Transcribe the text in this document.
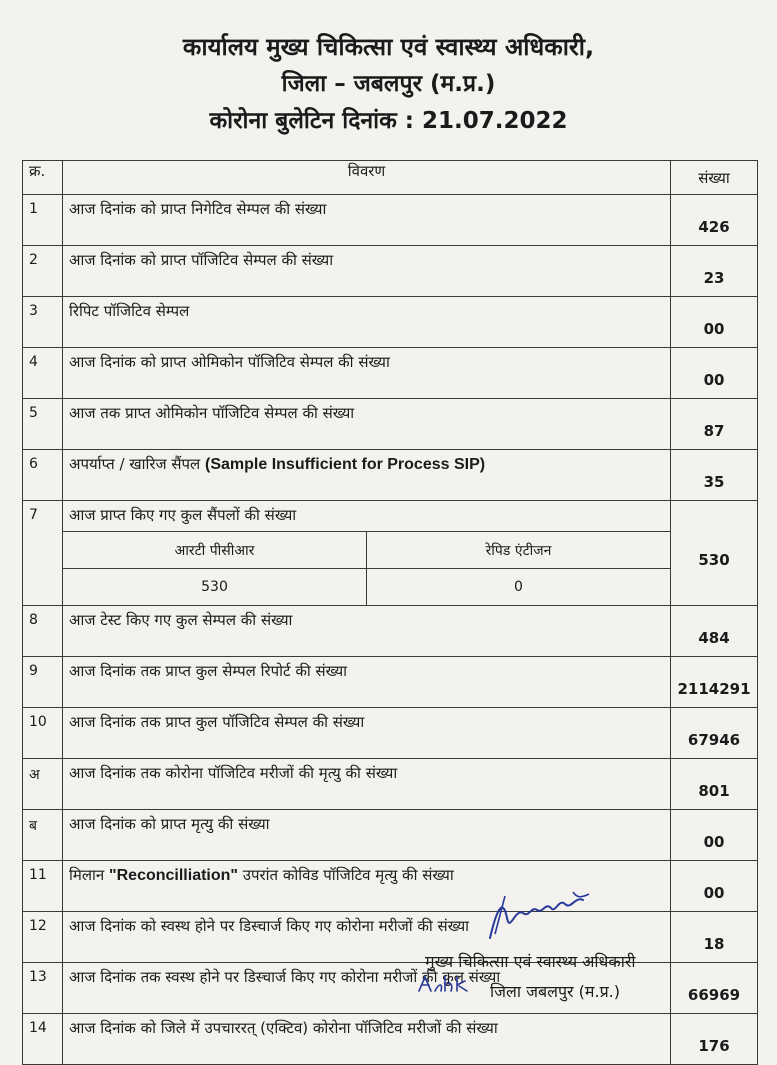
कार्यालय मुख्य चिकित्सा एवं स्वास्थ्य अधिकारी,
जिला – जबलपुर (म.प्र.)
कोरोना बुलेटिन दिनांक : 21.07.2022
क्र.	विवरण	संख्या
1	आज दिनांक को प्राप्त निगेटिव सेम्पल की संख्या	426
2	आज दिनांक को प्राप्त पॉजिटिव सेम्पल की संख्या	23
3	रिपिट पॉजिटिव सेम्पल	00
4	आज दिनांक को प्राप्त ओमिकोन पॉजिटिव सेम्पल की संख्या	00
5	आज तक प्राप्त ओमिकोन पॉजिटिव सेम्पल की संख्या	87
6	अपर्याप्त / खारिज सैंपल (Sample Insufficient for Process SIP)	35
7	आज प्राप्त किए गए कुल सैंपलों की संख्या
आरटी पीसीआर	रेपिड एंटीजन
530	0
	530
8	आज टेस्ट किए गए कुल सेम्पल की संख्या	484
9	आज दिनांक तक प्राप्त कुल सेम्पल रिपोर्ट की संख्या	2114291
10	आज दिनांक तक प्राप्त कुल पॉजिटिव सेम्पल की संख्या	67946
अ	आज दिनांक तक कोरोना पॉजिटिव मरीजों की मृत्यु की संख्या	801
ब	आज दिनांक को प्राप्त मृत्यु की संख्या	00
11	मिलान "Reconcilliation" उपरांत कोविड पॉजिटिव मृत्यु की संख्या	00
12	आज दिनांक को स्वस्थ होने पर डिस्चार्ज किए गए कोरोना मरीजों की संख्या	18
13	आज दिनांक तक स्वस्थ होने पर डिस्चार्ज किए गए कोरोना मरीजों की कुल संख्या	66969
14	आज दिनांक को जिले में उपचाररत् (एक्टिव) कोरोना पॉजिटिव मरीजों की संख्या	176
मुख्य चिकित्सा एवं स्वास्थ्य अधिकारी
जिला जबलपुर (म.प्र.)
